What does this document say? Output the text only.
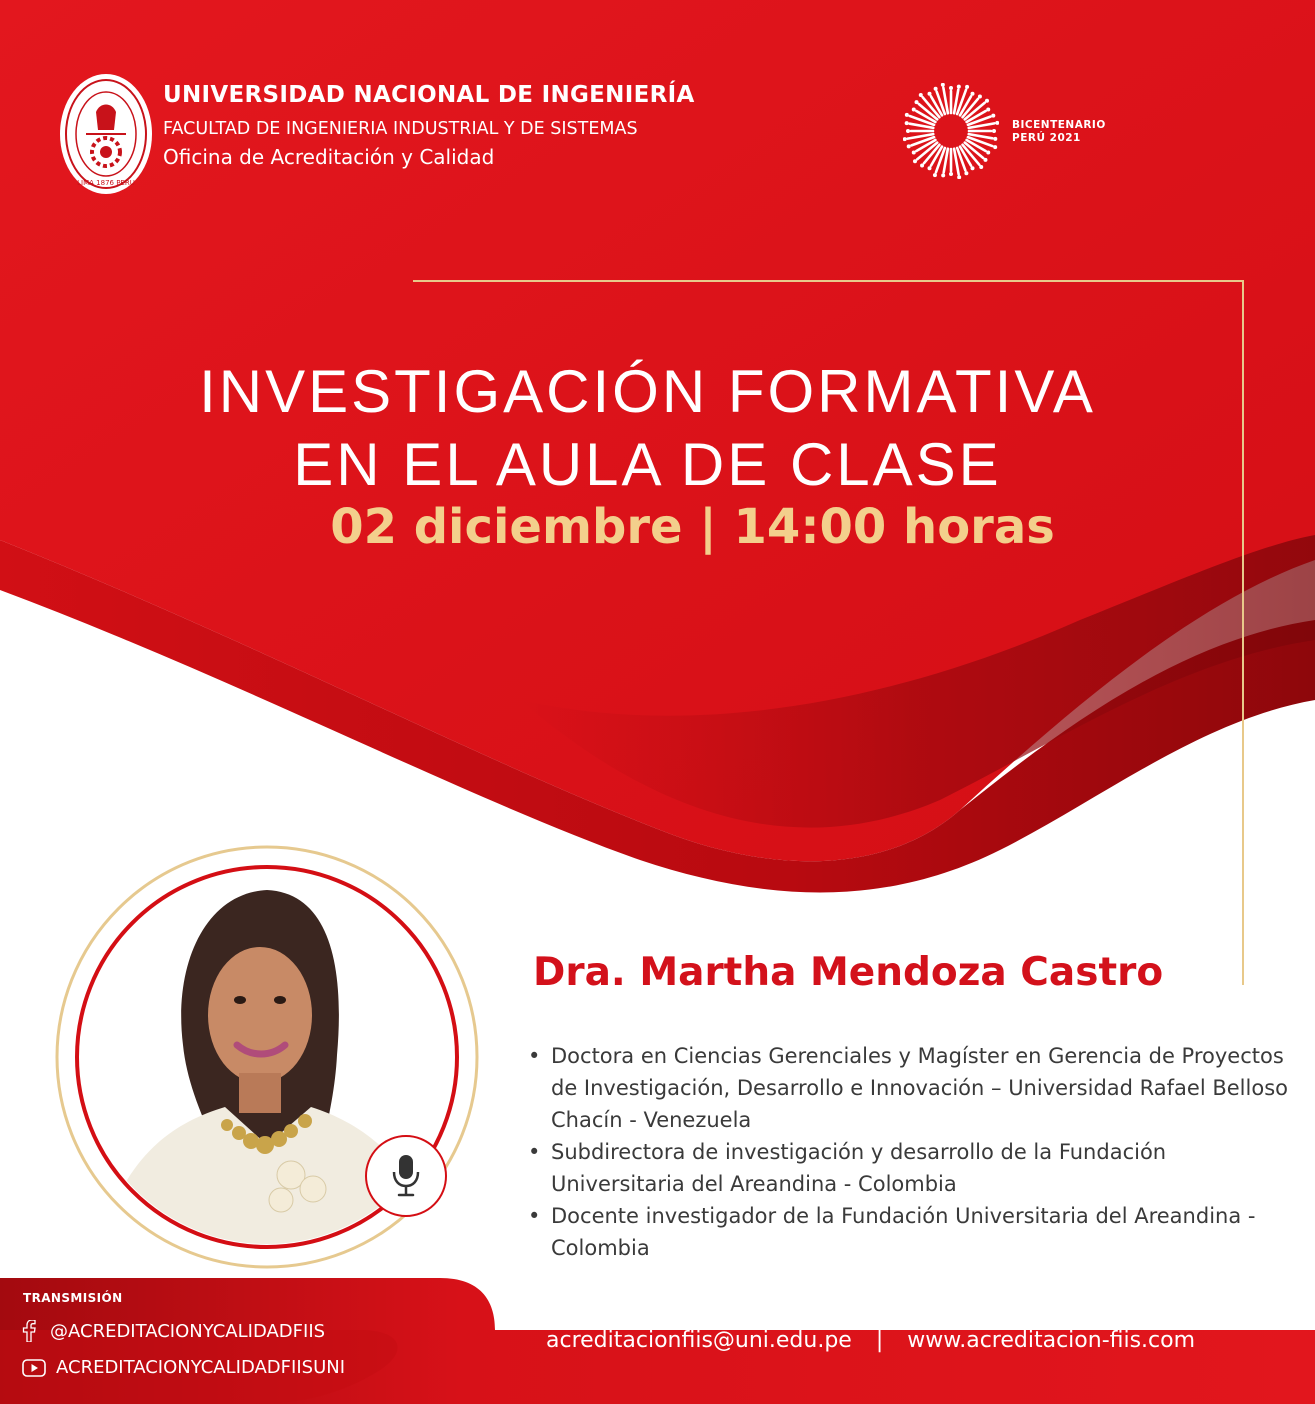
LIMA 1876 PERU
UNIVERSIDAD NACIONAL DE INGENIERÍA
FACULTAD DE INGENIERIA INDUSTRIAL Y DE SISTEMAS
Oficina de Acreditación y Calidad
BICENTENARIO
PERÚ 2021
INVESTIGACIÓN FORMATIVA
EN EL AULA DE CLASE
02 diciembre | 14:00 horas
Dra. Martha Mendoza Castro
• Doctora en Ciencias Gerenciales y Magíster en Gerencia de Proyectos de Investigación, Desarrollo e Innovación – Universidad Rafael Belloso Chacín - Venezuela
• Subdirectora de investigación y desarrollo de la Fundación Universitaria del Areandina - Colombia
• Docente investigador de la Fundación Universitaria del Areandina - Colombia
TRANSMISIÓN
@ACREDITACIONYCALIDADFIIS
ACREDITACIONYCALIDADFIISUNI
acreditacionfiis@uni.edu.pe | www.acreditacion-fiis.com
